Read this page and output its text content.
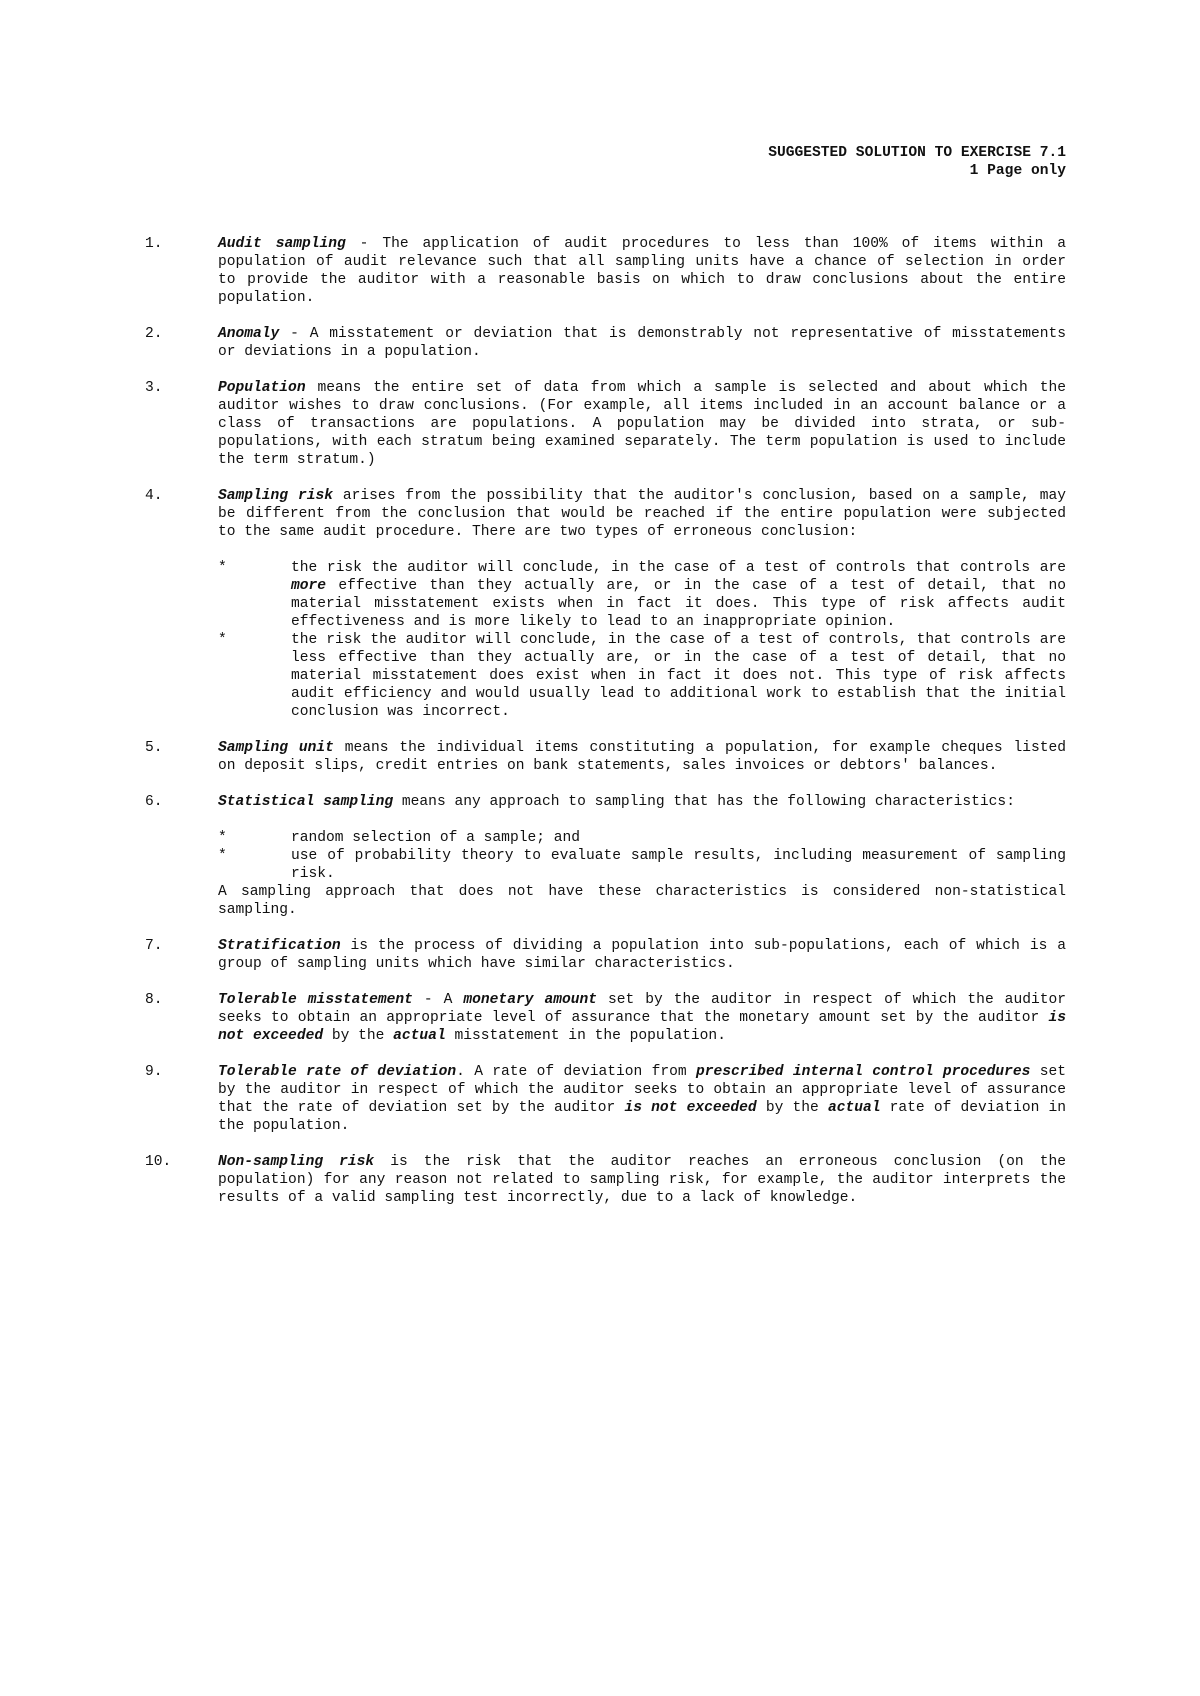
SUGGESTED SOLUTION TO EXERCISE 7.1
1 Page only
1.	Audit sampling - The application of audit procedures to less than 100% of items within a population of audit relevance such that all sampling units have a chance of selection in order to provide the auditor with a reasonable basis on which to draw conclusions about the entire population.
2.	Anomaly - A misstatement or deviation that is demonstrably not representative of misstatements or deviations in a population.
3.	Population means the entire set of data from which a sample is selected and about which the auditor wishes to draw conclusions. (For example, all items included in an account balance or a class of transactions are populations. A population may be divided into strata, or sub-populations, with each stratum being examined separately. The term population is used to include the term stratum.)
4.	Sampling risk arises from the possibility that the auditor's conclusion, based on a sample, may be different from the conclusion that would be reached if the entire population were subjected to the same audit procedure. There are two types of erroneous conclusion:
*	the risk the auditor will conclude, in the case of a test of controls that controls are more effective than they actually are, or in the case of a test of detail, that no material misstatement exists when in fact it does. This type of risk affects audit effectiveness and is more likely to lead to an inappropriate opinion.
*	the risk the auditor will conclude, in the case of a test of controls, that controls are less effective than they actually are, or in the case of a test of detail, that no material misstatement does exist when in fact it does not. This type of risk affects audit efficiency and would usually lead to additional work to establish that the initial conclusion was incorrect.
5.	Sampling unit means the individual items constituting a population, for example cheques listed on deposit slips, credit entries on bank statements, sales invoices or debtors' balances.
6.	Statistical sampling means any approach to sampling that has the following characteristics:
*	random selection of a sample; and
*	use of probability theory to evaluate sample results, including measurement of sampling risk.
A sampling approach that does not have these characteristics is considered non-statistical sampling.
7.	Stratification is the process of dividing a population into sub-populations, each of which is a group of sampling units which have similar characteristics.
8.	Tolerable misstatement - A monetary amount set by the auditor in respect of which the auditor seeks to obtain an appropriate level of assurance that the monetary amount set by the auditor is not exceeded by the actual misstatement in the population.
9.	Tolerable rate of deviation. A rate of deviation from prescribed internal control procedures set by the auditor in respect of which the auditor seeks to obtain an appropriate level of assurance that the rate of deviation set by the auditor is not exceeded by the actual rate of deviation in the population.
10.	Non-sampling risk is the risk that the auditor reaches an erroneous conclusion (on the population) for any reason not related to sampling risk, for example, the auditor interprets the results of a valid sampling test incorrectly, due to a lack of knowledge.
